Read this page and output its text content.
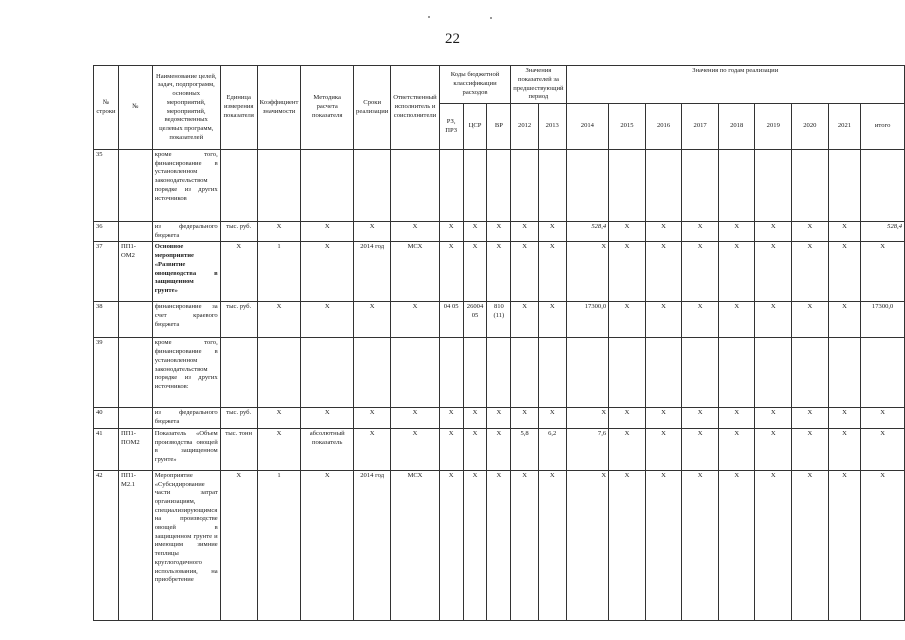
22
№ строки	№	Наименование целей, задач, подпрограмм, основных мероприятий, мероприятий, ведомственных целевых программ, показателей	Единица измерения показателя	Коэффициент значимости	Методика расчета показателя	Сроки реализации	Ответственный исполнитель и соисполнители	Коды бюджетной классификации расходов			Значения показателей за предшествующий период		Значения по годам реализации								
								РЗ, ПРЗ	ЦСР	ВР	2012	2013	2014	2015	2016	2017	2018	2019	2020	2021	итого
35		кроме того, финансирование в установленном законодательством порядке из других источников																			
36		из федерального бюджета	тыс. руб.	Х	Х	Х	Х	Х	Х	Х	Х	Х	528,4	Х	Х	Х	Х	Х	Х	Х	528,4
37	ПП1-ОМ2	Основное мероприятие «Развитие овощеводства в защищенном грунте»	Х	1	Х	2014 год	МСХ	Х	Х	Х	Х	Х	Х	Х	Х	Х	Х	Х	Х	Х	Х
38		финансирование за счет краевого бюджета	тыс. руб.	Х	Х	Х	Х	04 05	26004 05	810 (11)	Х	Х	17300,0	Х	Х	Х	Х	Х	Х	Х	17300,0
39		кроме того, финансирование в установленном законодательством порядке из других источников:																			
40		из федерального бюджета	тыс. руб.	Х	Х	Х	Х	Х	Х	Х	Х	Х	Х	Х	Х	Х	Х	Х	Х	Х	Х
41	ПП1-ПОМ2	Показатель «Объем производства овощей в защищенном грунте»	тыс. тонн	Х	абсолютный показатель	Х	Х	Х	Х	Х	5,8	6,2	7,6	Х	Х	Х	Х	Х	Х	Х	Х
42	ПП1-М2.1	Мероприятие «Субсидирование части затрат организациям, специализирующимся на производстве овощей в защищенном грунте и имеющим зимние теплицы круглогодичного использования, на приобретение	Х	1	Х	2014 год	МСХ	Х	Х	Х	Х	Х	Х	Х	Х	Х	Х	Х	Х	Х	Х
